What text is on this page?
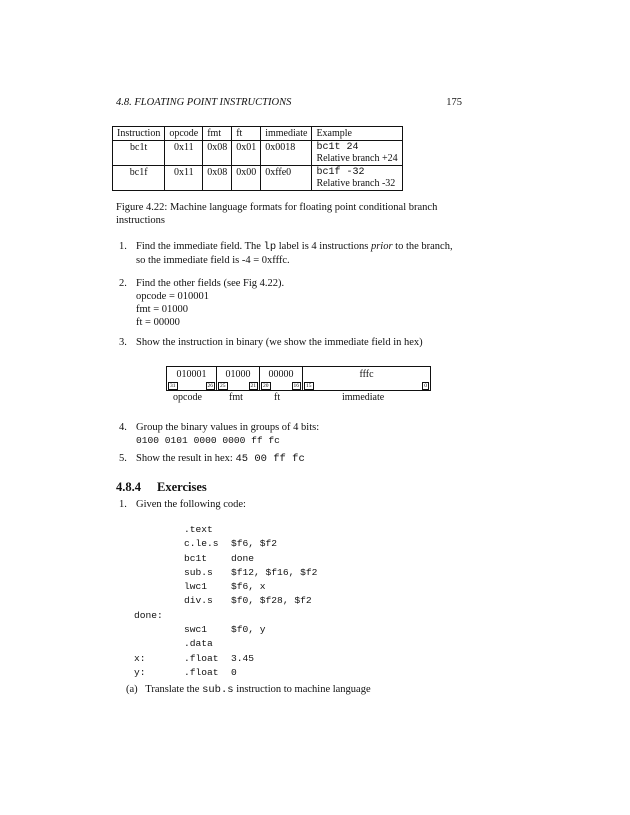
4.8. FLOATING POINT INSTRUCTIONS	175
Instruction	opcode	fmt	ft	immediate	Example
bc1t	0x11	0x08	0x01	0x0018	bc1t 24
Relative branch +24

bc1f	0x11	0x08	0x00	0xffe0	bc1f -32
Relative branch -32
Figure 4.22: Machine language formats for floating point conditional branch instructions
1. Find the immediate field. The lp label is 4 instructions prior to the branch, so the immediate field is -4 = 0xfffc.
2. Find the other fields (see Fig 4.22).
opcode = 010001
fmt = 01000
ft = 00000
3. Show the instruction in binary (we show the immediate field in hex)
4. Group the binary values in groups of 4 bits:
0100 0101 0000 0000 ff fc
5. Show the result in hex: 45 00 ff fc
010001
31	26
01000
25	21
00000
20	16
fffc
15	0
opcode	fmt	ft	immediate
4.8.4 Exercises
1. Given the following code:
.text
c.le.s $f6, $f2
bc1t done
sub.s $f12, $f16, $f2
lwc1 $f6, x
div.s $f0, $f28, $f2
done:
swc1 $f0, y
.data
x:	.float 3.45
y:	.float 0
(a) Translate the sub.s instruction to machine language
